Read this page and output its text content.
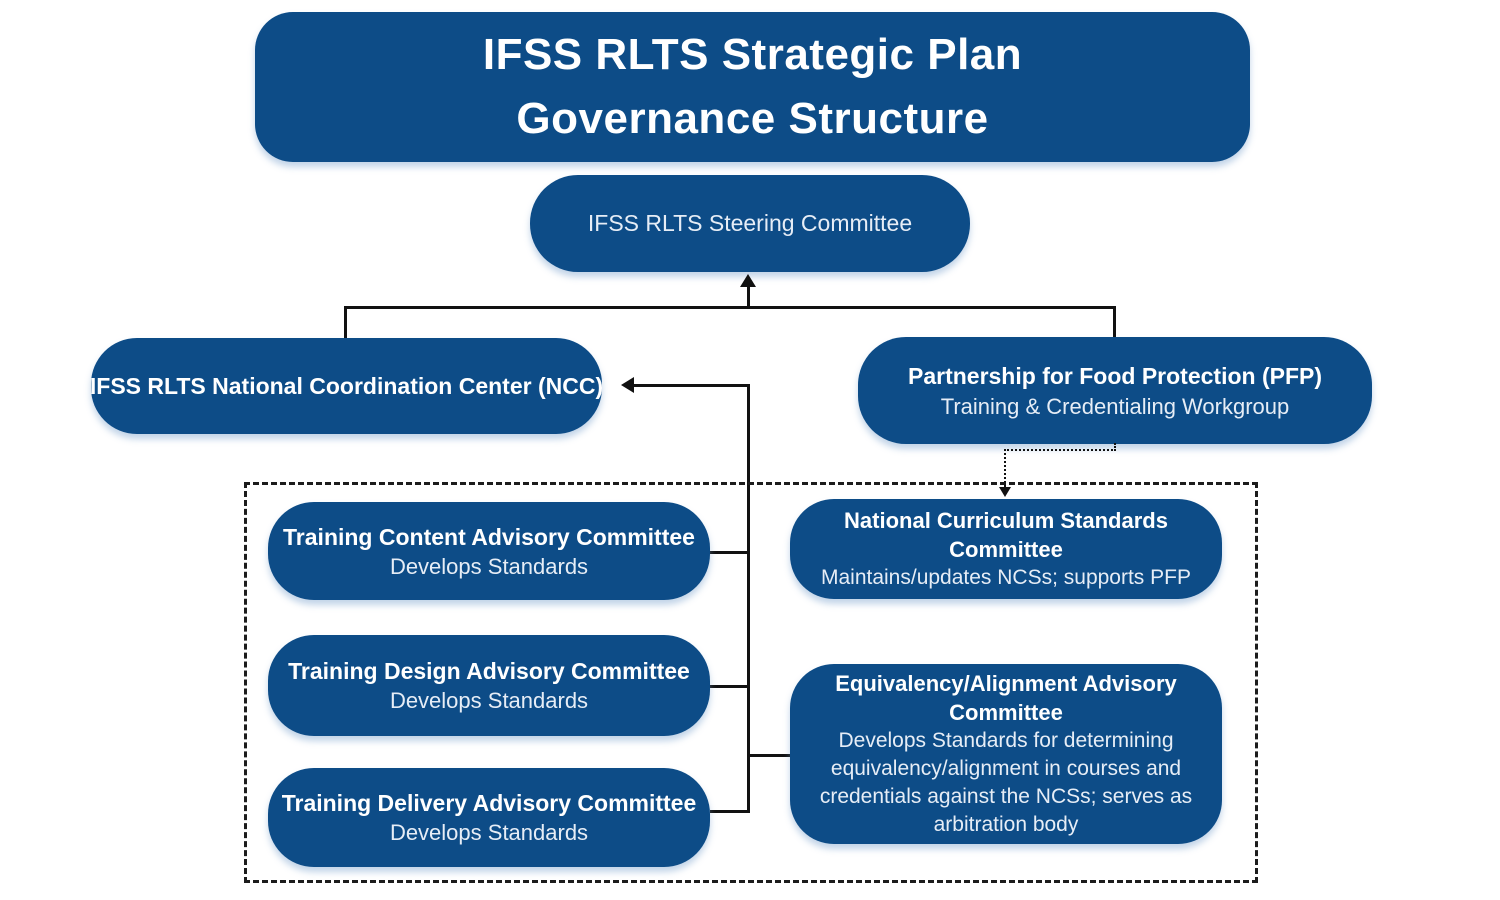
IFSS RLTS Strategic Plan
Governance Structure
IFSS RLTS Steering Committee
IFSS RLTS National Coordination Center (NCC)	Partnership for Food Protection (PFP)
Training & Credentialing Workgroup
Training Content Advisory Committee
Develops Standards
Training Design Advisory Committee
Develops Standards
Training Delivery Advisory Committee
Develops Standards
National Curriculum Standards Committee
Maintains/updates NCSs; supports PFP
Equivalency/Alignment Advisory Committee
Develops Standards for determining equivalency/alignment in courses and credentials against the NCSs; serves as arbitration body
